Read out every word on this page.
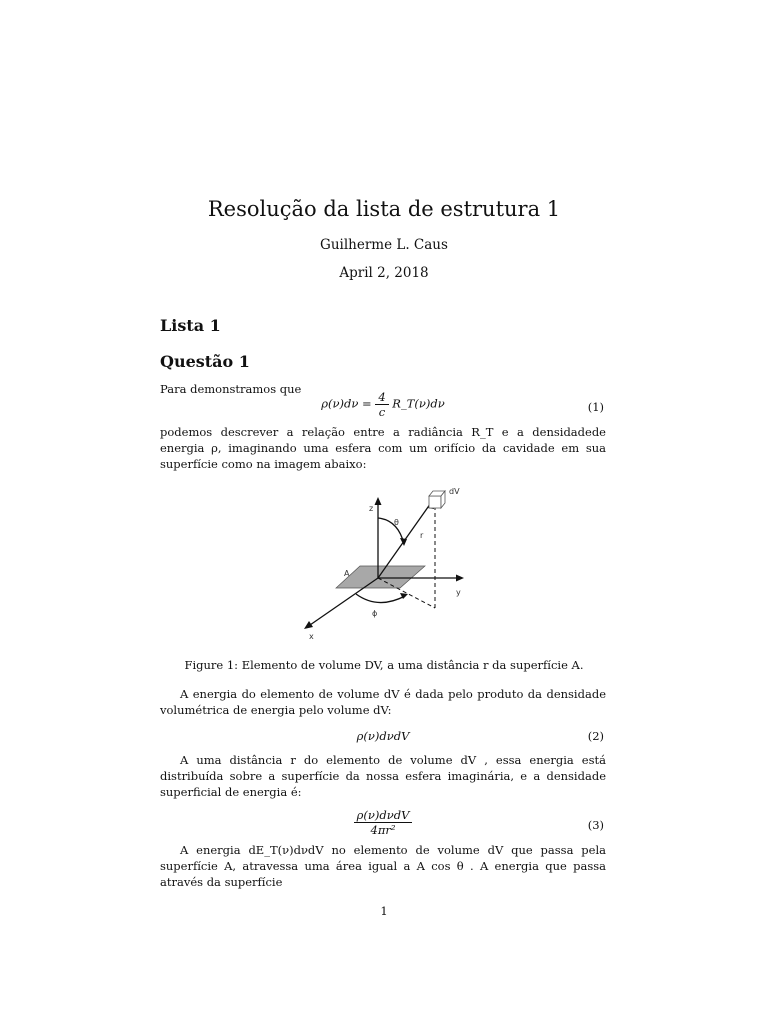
Resolução da lista de estrutura 1
Guilherme L. Caus
April 2, 2018
Lista 1
Questão 1
Para demonstramos que
$\rho(\nu)d\nu = \frac{4}{c}$ R_T(ν)dν	(1)
podemos descrever a relação entre a radiância R_T e a densidadede energia ρ, imaginando uma esfera com um orifício da cavidade em sua superfície como na imagem abaixo:
dV
z
θ
r
A
y
ϕ
x
Figure 1: Elemento de volume DV, a uma distância r da superfície A.
A energia do elemento de volume dV é dada pelo produto da densidade volumétrica de energia pelo volume dV:
ρ(ν)dνdV	(2)
A uma distância r do elemento de volume dV , essa energia está distribuída sobre a superfície da nossa esfera imaginária, e a densidade superficial de energia é:
$\frac{\text{ρ(ν)dνdV}}{\text{4πr²}}$	(3)
A energia dE_T(ν)dνdV no elemento de volume dV que passa pela superfície A, atravessa uma área igual a A cos θ . A energia que passa através da superfície
1
